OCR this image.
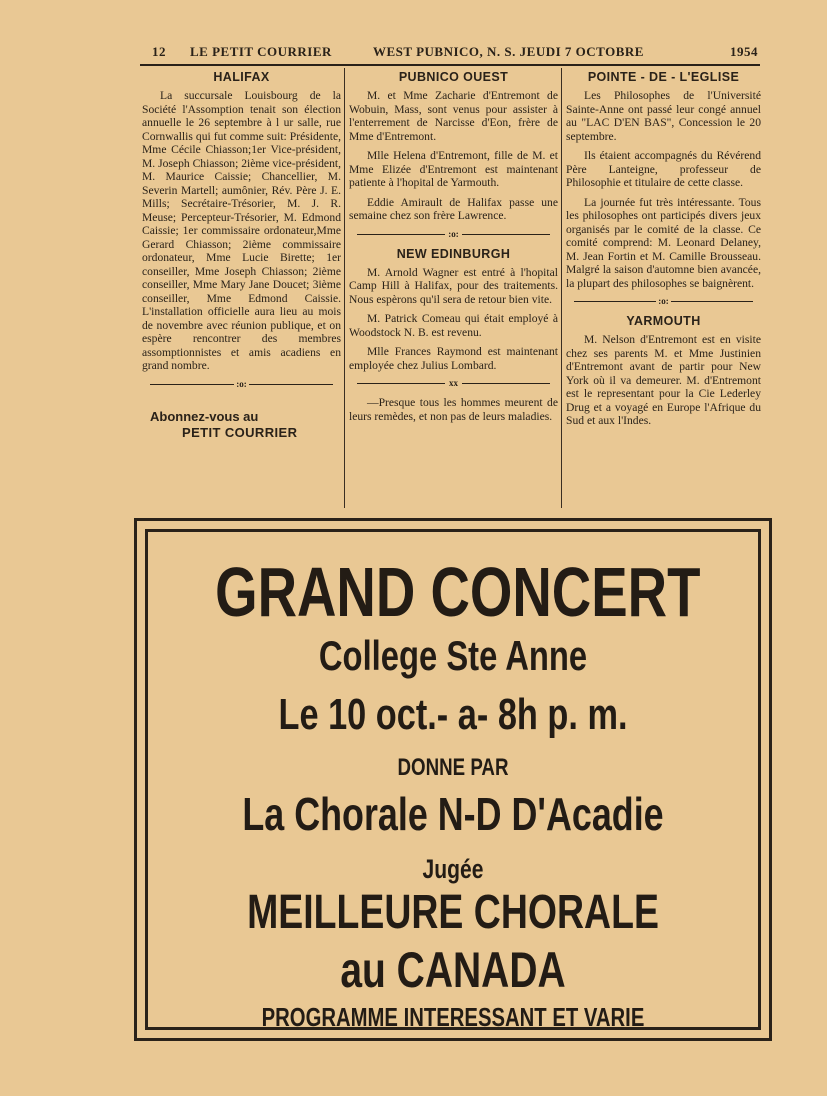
12 LE PETIT COURRIER	WEST PUBNICO, N. S. JEUDI 7 OCTOBRE	1954
HALIFAX

La succursale Louisbourg de la Société l'Assomption tenait son élection annuelle le 26 septembre à l ur salle, rue Cornwallis qui fut comme suit: Présidente, Mme Cécile Chiasson;1er Vice-président, M. Joseph Chiasson; 2ième vice-président, M. Maurice Caissie; Chancellier, M. Severin Martell; aumônier, Rév. Père J. E. Mills; Secrétaire-Trésorier, M. J. R. Meuse; Percepteur-Trésorier, M. Edmond Caissie; 1er commissaire ordonateur,Mme Gerard Chiasson; 2ième commissaire ordonateur, Mme Lucie Birette; 1er conseiller, Mme Joseph Chiasson; 2ième conseiller, Mme Mary Jane Doucet; 3ième conseiller, Mme Edmond Caissie. L'installation officielle aura lieu au mois de novembre avec réunion publique, et on espère rencontrer des membres assomptionnistes et amis acadiens en grand nombre.

:o:
Abonnez-vous au
PETIT COURRIER
PUBNICO OUEST

M. et Mme Zacharie d'Entremont de Wobuin, Mass, sont venus pour assister à l'enterrement de Narcisse d'Eon, frère de Mme d'Entremont.

Mlle Helena d'Entremont, fille de M. et Mme Elizée d'Entremont est maintenant patiente à l'hopital de Yarmouth.

Eddie Amirault de Halifax passe une semaine chez son frère Lawrence.

:o:
NEW EDINBURGH

M. Arnold Wagner est entré à l'hopital Camp Hill à Halifax, pour des traitements. Nous espèrons qu'il sera de retour bien vite.

M. Patrick Comeau qui était employé à Woodstock N. B. est revenu.

Mlle Frances Raymond est maintenant employée chez Julius Lombard.

xx

—Presque tous les hommes meurent de leurs remèdes, et non pas de leurs maladies.

POINTE - DE - L'EGLISE

Les Philosophes de l'Université Sainte-Anne ont passé leur congé annuel au "LAC D'EN BAS", Concession le 20 septembre.

Ils étaient accompagnés du Révérend Père Lanteigne, professeur de Philosophie et titulaire de cette classe.

La journée fut très intéressante. Tous les philosophes ont participés divers jeux organisés par le comité de la classe. Ce comité comprend: M. Leonard Delaney, M. Jean Fortin et M. Camille Brousseau. Malgré la saison d'automne bien avancée, la plupart des philosophes se baignèrent.

:o:
YARMOUTH

M. Nelson d'Entremont est en visite chez ses parents M. et Mme Justinien d'Entremont avant de partir pour New York où il va demeurer. M. d'Entremont est le representant pour la Cie Lederley Drug et a voyagé en Europe l'Afrique du Sud et aux l'Indes.

GRAND CONCERT
College Ste Anne
Le 10 oct.- a- 8h p. m.
DONNE PAR
La Chorale N-D D'Acadie
Jugée
MEILLEURE CHORALE
au CANADA
PROGRAMME INTERESSANT ET VARIE
